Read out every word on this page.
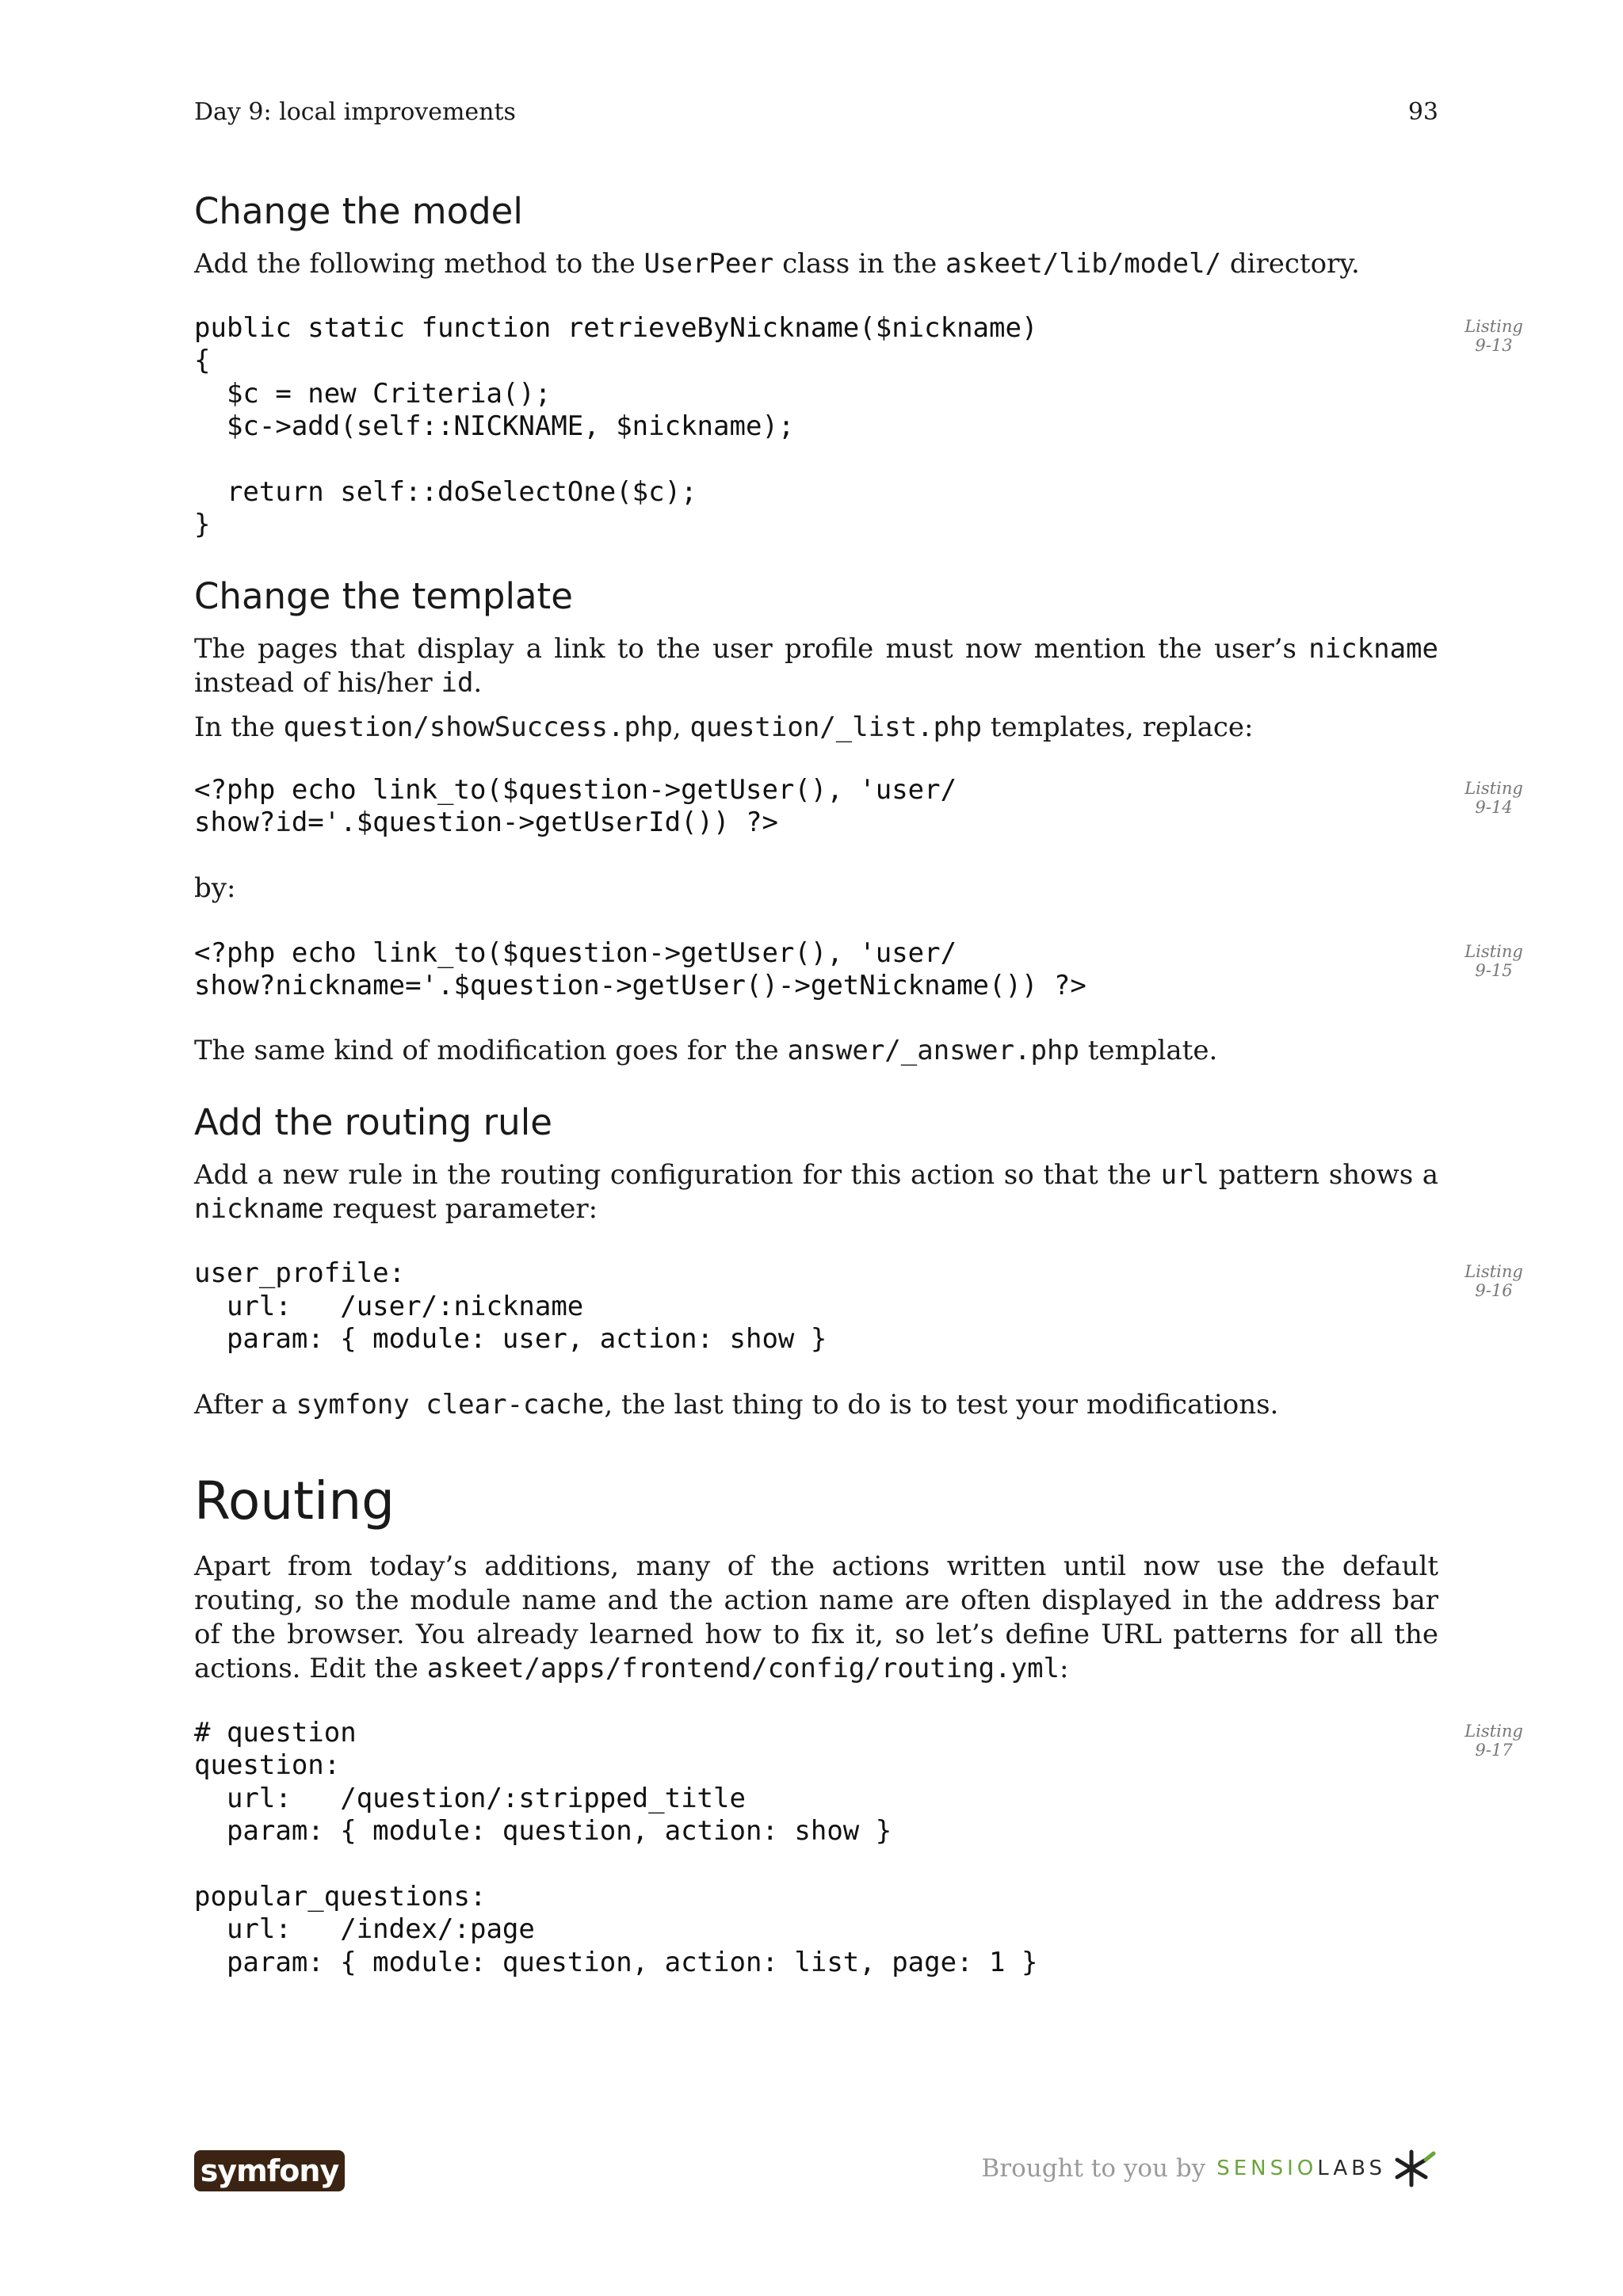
Day 9: local improvements	93
Change the model

Add the following method to the UserPeer class in the askeet/lib/model/ directory.

public static function retrieveByNickname($nickname)
{
$c = new Criteria();
$c->add(self::NICKNAME, $nickname);

return self::doSelectOne($c);
}
Listing
9-13
Change the template

The pages that display a link to the user profile must now mention the user’s nickname instead of his/her id.

In the question/showSuccess.php, question/_list.php templates, replace:

<?php echo link_to($question->getUser(), 'user/
show?id='.$question->getUserId()) ?>
Listing
9-14

by:

<?php echo link_to($question->getUser(), 'user/
show?nickname='.$question->getUser()->getNickname()) ?>
Listing
9-15

The same kind of modification goes for the answer/_answer.php template.

Add the routing rule

Add a new rule in the routing configuration for this action so that the url pattern shows a nickname request parameter:

user_profile:
url:   /user/:nickname
param: { module: user, action: show }
Listing
9-16

After a symfony clear-cache, the last thing to do is to test your modifications.

Routing

Apart from today’s additions, many of the actions written until now use the default routing, so the module name and the action name are often displayed in the address bar of the browser. You already learned how to fix it, so let’s define URL patterns for all the actions. Edit the askeet/apps/frontend/config/routing.yml:

# question
question:
url:   /question/:stripped_title
param: { module: question, action: show }

popular_questions:
url:   /index/:page
param: { module: question, action: list, page: 1 }
Listing
9-17
symfony	Brought to you by SENSIOLABS
